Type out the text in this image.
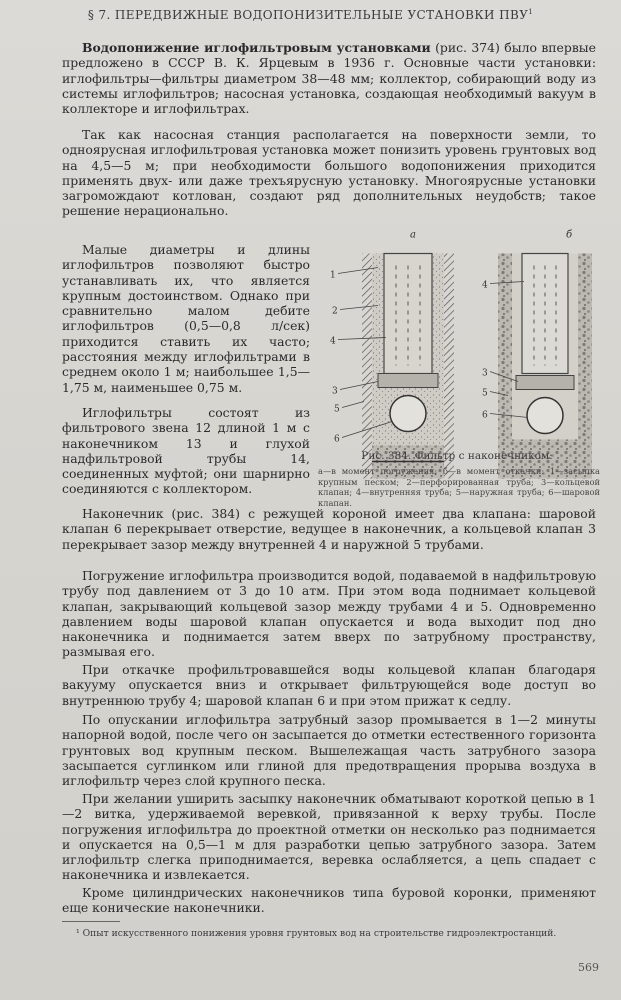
§ 7. ПЕРЕДВИЖНЫЕ ВОДОПОНИЗИТЕЛЬНЫЕ УСТАНОВКИ ПВУ$^1$

Водопонижение иглофильтровым установками (рис. 374) было впервые предложено в СССР В. К. Ярцевым в 1936 г. Основные части установки: иглофильтры—фильтры диаметром 38—48 мм; коллектор, собирающий воду из системы иглофильтров; насосная установка, создающая необходимый вакуум в коллекторе и иглофильтрах.

Так как насосная станция располагается на поверхности земли, то одноярусная иглофильтровая установка может понизить уровень грунтовых вод на 4,5—5 м; при необходимости большого водопонижения приходится применять двух- или даже трехъярусную установку. Многоярусные установки загромождают котлован, создают ряд дополнительных неудобств; такое решение нерационально.

Малые диаметры и длины иглофильтров позволяют быстро устанавливать их, что является крупным достоинством. Однако при сравнительно малом дебите иглофильтров (0,5—0,8 л/сек) приходится ставить их часто; расстояния между иглофильтрами в среднем около 1 м; наибольшее 1,5—1,75 м, наименьшее 0,75 м.

Иглофильтры состоят из фильтрового звена 12 длиной 1 м с наконечником 13 и глухой надфильтровой трубы 14, соединенных муфтой; они шарнирно соединяются с коллектором.

Наконечник (рис. 384) с режущей короной имеет два клапана: шаровой клапан 6 перекрывает отверстие, ведущее в наконечник, а кольцевой клапан 3 перекрывает зазор между внутренней 4 и наружной 5 трубами.

Погружение иглофильтра производится водой, подаваемой в надфильтровую трубу под давлением от 3 до 10 атм. При этом вода поднимает кольцевой клапан, закрывающий кольцевой зазор между трубами 4 и 5. Одновременно давлением воды шаровой клапан опускается и вода выходит под дно наконечника и поднимается затем вверх по затрубному пространству, размывая его.

При откачке профильтровавшейся воды кольцевой клапан благодаря вакууму опускается вниз и открывает фильтрующейся воде доступ во внутреннюю трубу 4; шаровой клапан 6 и при этом прижат к седлу.

По опускании иглофильтра затрубный зазор промывается в 1—2 минуты напорной водой, после чего он засыпается до отметки естественного горизонта грунтовых вод крупным песком. Вышележащая часть затрубного зазора засыпается суглинком или глиной для предотвращения прорыва воздуха в иглофильтр через слой крупного песка.

При желании уширить засыпку наконечник обматывают короткой цепью в 1—2 витка, удерживаемой веревкой, привязанной к верху трубы. После погружения иглофильтра до проектной отметки он несколько раз поднимается и опускается на 0,5—1 м для разработки цепью затрубного зазора. Затем иглофильтр слегка приподнимается, веревка ослабляется, а цепь спадает с наконечника и извлекается.

Кроме цилиндрических наконечников типа буровой коронки, применяют еще конические наконечники.

а
1
2
4
3
5
6
б
4
3
5
6

Рис. 384. Фильтр с наконечником:

а—в момент погружения; б—в момент откачки: 1—засыпка крупным песком; 2—перфорированная труба; 3—кольцевой клапан; 4—внутренняя труба; 5—наружная труба; 6—шаровой клапан.

¹ Опыт искусственного понижения уровня грунтовых вод на строительстве гидроэлектростанций.

569
